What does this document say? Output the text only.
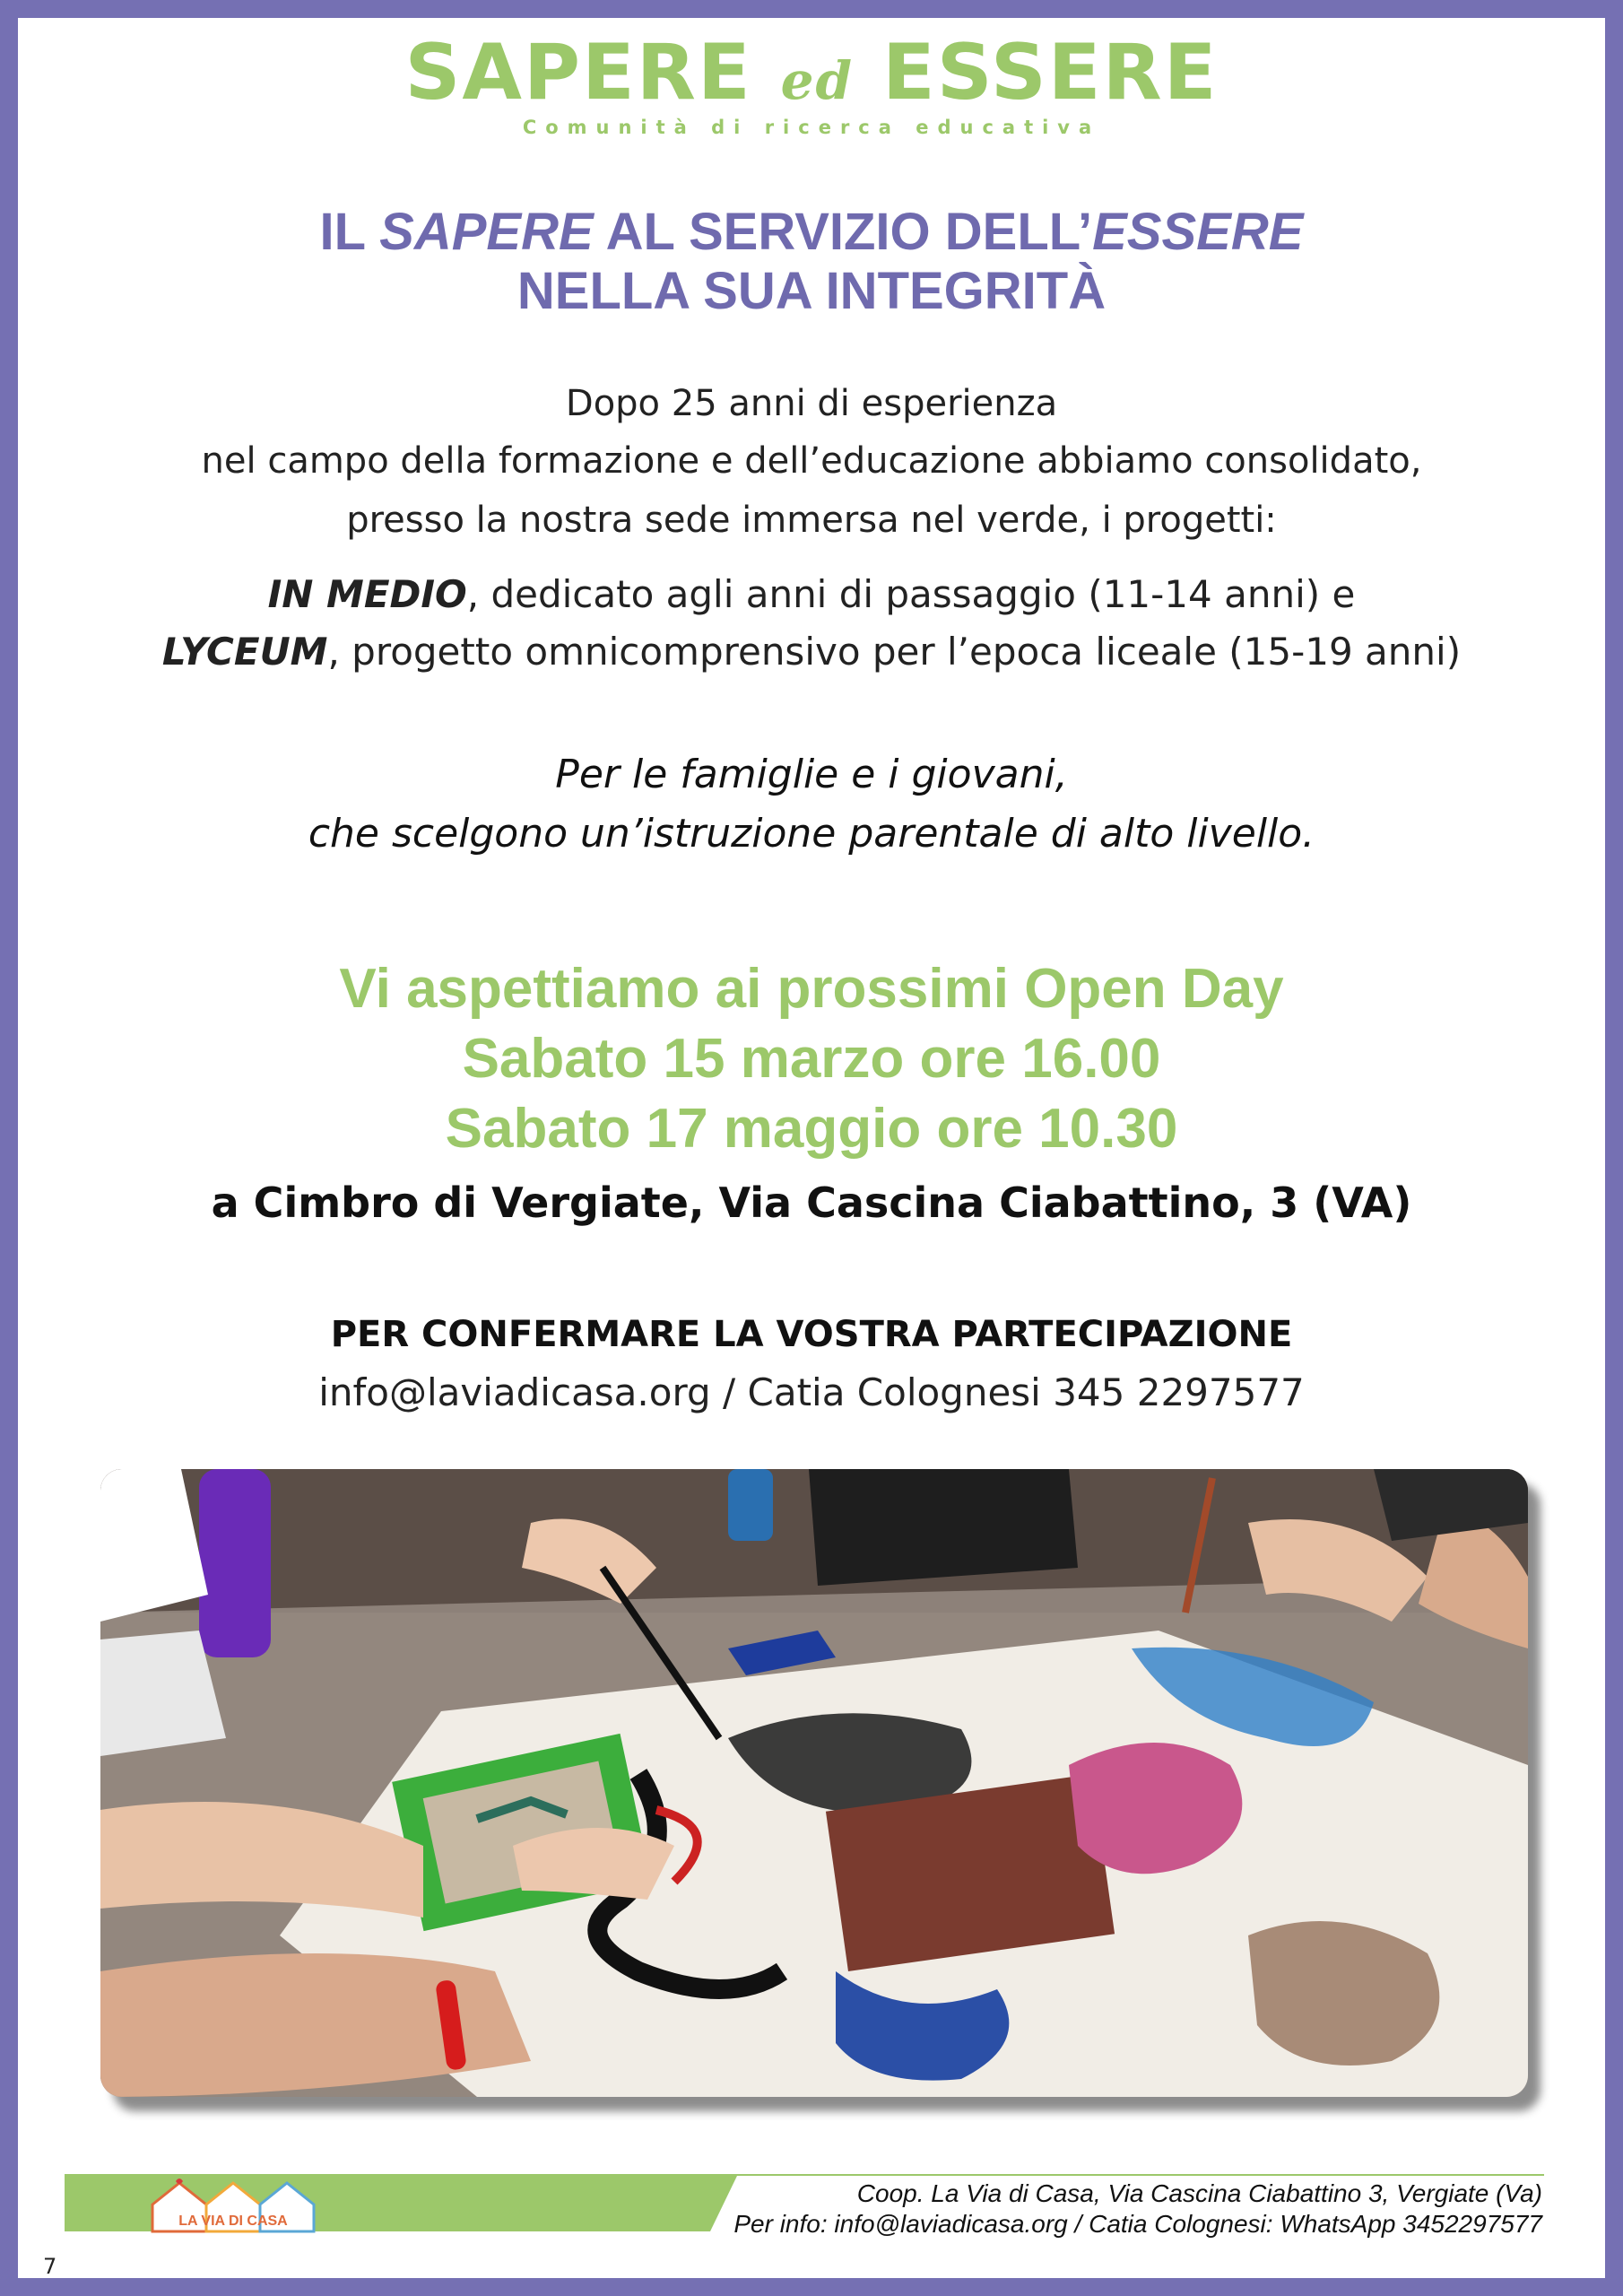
SAPERE ed ESSERE
Comunità di ricerca educativa
IL SAPERE AL SERVIZIO DELL’ESSERE
NELLA SUA INTEGRITÀ
Dopo 25 anni di esperienza
nel campo della formazione e dell’educazione abbiamo consolidato,
presso la nostra sede immersa nel verde, i progetti:
IN MEDIO, dedicato agli anni di passaggio (11-14 anni) e
LYCEUM, progetto omnicomprensivo per l’epoca liceale (15-19 anni)
Per le famiglie e i giovani,
che scelgono un’istruzione parentale di alto livello.
Vi aspettiamo ai prossimi Open Day
Sabato 15 marzo ore 16.00
Sabato 17 maggio ore 10.30
a Cimbro di Vergiate, Via Cascina Ciabattino, 3 (VA)
PER CONFERMARE LA VOSTRA PARTECIPAZIONE
info@laviadicasa.org / Catia Colognesi 345 2297577
LA VIA DI CASA
Coop. La Via di Casa, Via Cascina Ciabattino 3, Vergiate (Va)
Per info: info@laviadicasa.org / Catia Colognesi: WhatsApp 3452297577
7
